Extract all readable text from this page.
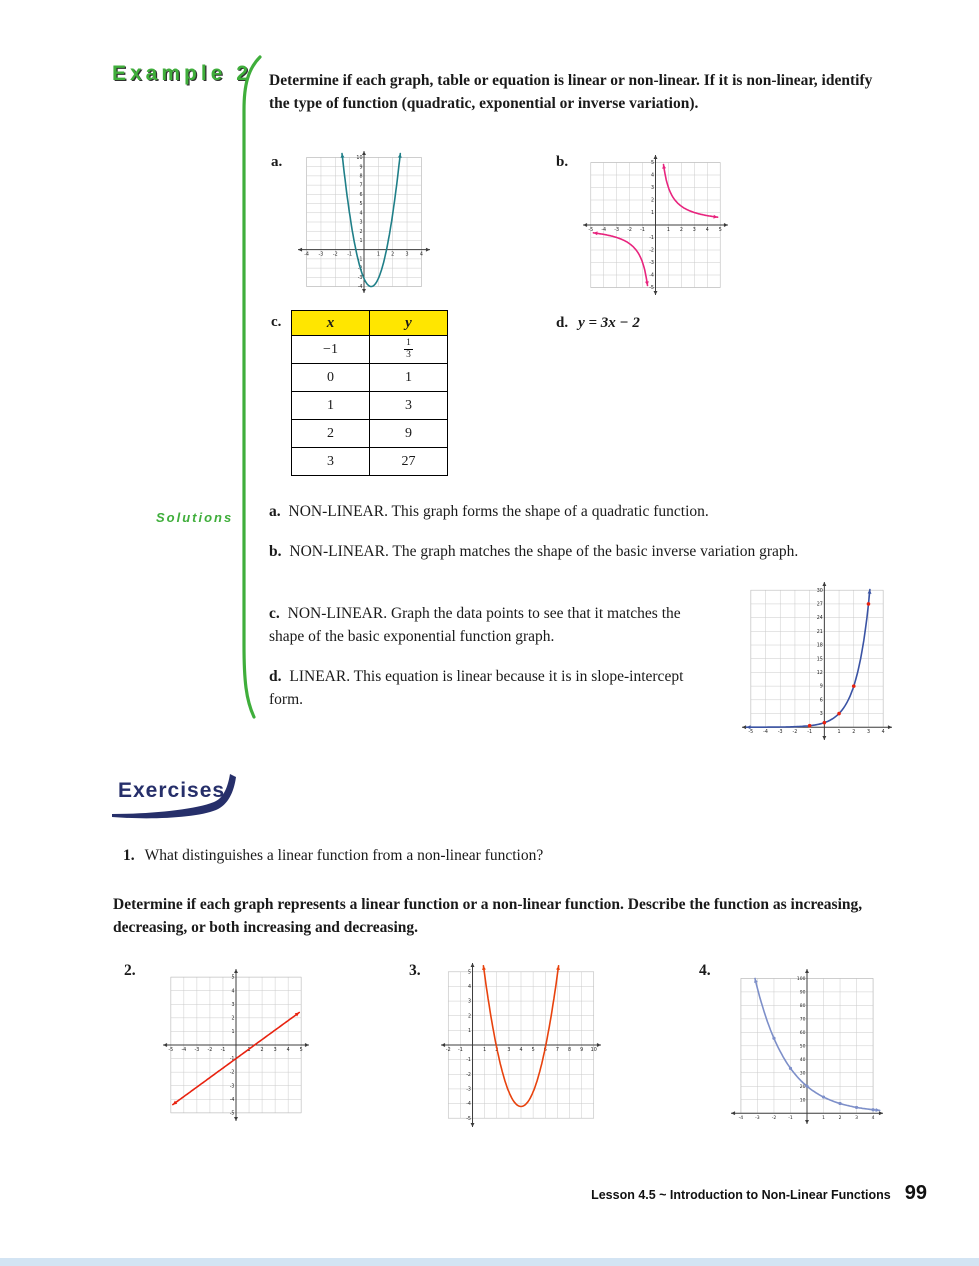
Example 2 Determine if each graph, table or equation is linear or non-linear. If it is non-linear, identify the type of function (quadratic, exponential or inverse variation).
a.
-4 -3 -2 -1	1 2 3 4
-4
-3
-2
-1
1
2
3
4
5
6
7
8
9
10	b.
-5 -4 -3 -2 -1	1 2 3 4 5
-5
-4
-3
-2
-1
1
2
3
4
5
c.	x	y
−1	$\frac{1}{3}$

0	1
1	3
2	9
3	27
d. y = 3x − 2
Solutions a. NON-LINEAR. This graph forms the shape of a quadratic function.

b. NON-LINEAR. The graph matches the shape of the basic inverse variation graph.

c. NON-LINEAR. Graph the data points to see that it matches the shape of the basic exponential function graph.

d. LINEAR. This equation is linear because it is in slope-intercept form.

-5 -4 -3 -2 -1	1 2 3 4
3
6
9
12
15
18
21
24
27
30
Exercises
1. What distinguishes a linear function from a non-linear function?
Determine if each graph represents a linear function or a non-linear function. Describe the function as increasing, decreasing, or both increasing and decreasing.
2.
-5 -4 -3 -2 -1	1 2 3 4 5
-5
-4
-3
-2
-1
1
2
3
4
5	3.
-2 -1	1 2 3 4 5 6 7 8 9 10
-5
-4
-3
-2
-1
1
2
3
4
5	4.
-4	-3	-2	-1	1	2	3	4
10
20
30
40
50
60
70
80
90
100
Lesson 4.5 ~ Introduction to Non-Linear Functions 99
